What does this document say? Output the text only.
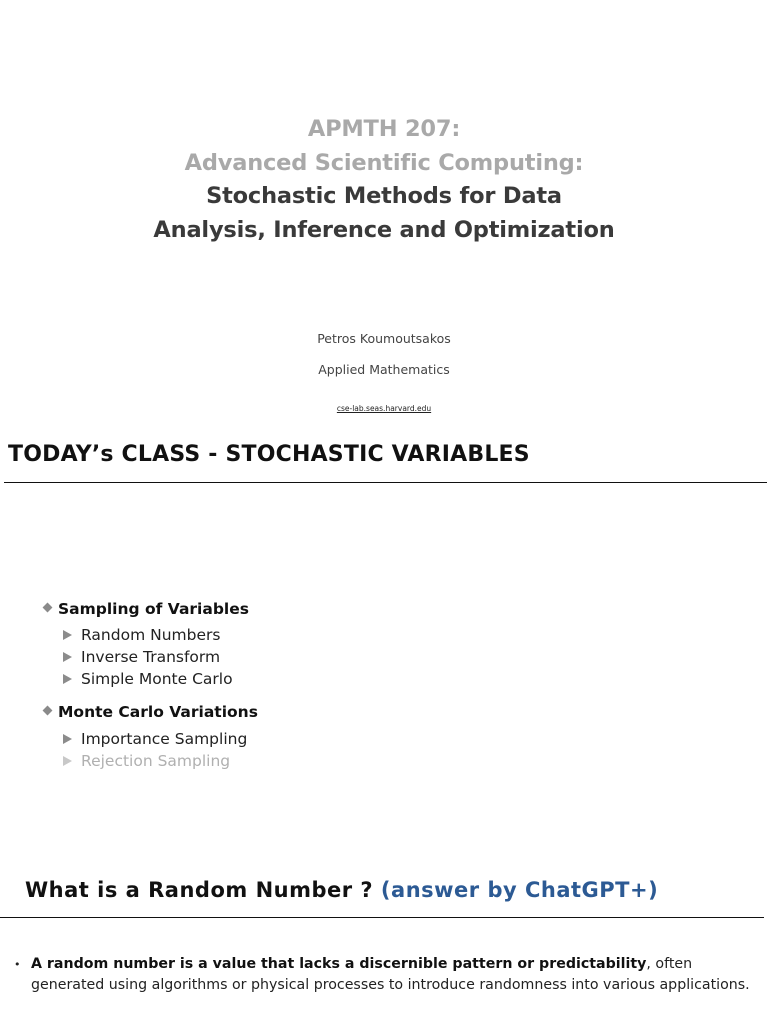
APMTH 207:
Advanced Scientific Computing:
Stochastic Methods for Data
Analysis, Inference and Optimization
Petros Koumoutsakos
Applied Mathematics
cse-lab.seas.harvard.edu
TODAY’s CLASS - STOCHASTIC VARIABLES
Sampling of Variables
Random Numbers
Inverse Transform
Simple Monte Carlo
Monte Carlo Variations
Importance Sampling
Rejection Sampling
What is a Random Number ? (answer by ChatGPT+)
• A random number is a value that lacks a discernible pattern or predictability, often generated using algorithms or physical processes to introduce randomness into various applications.
